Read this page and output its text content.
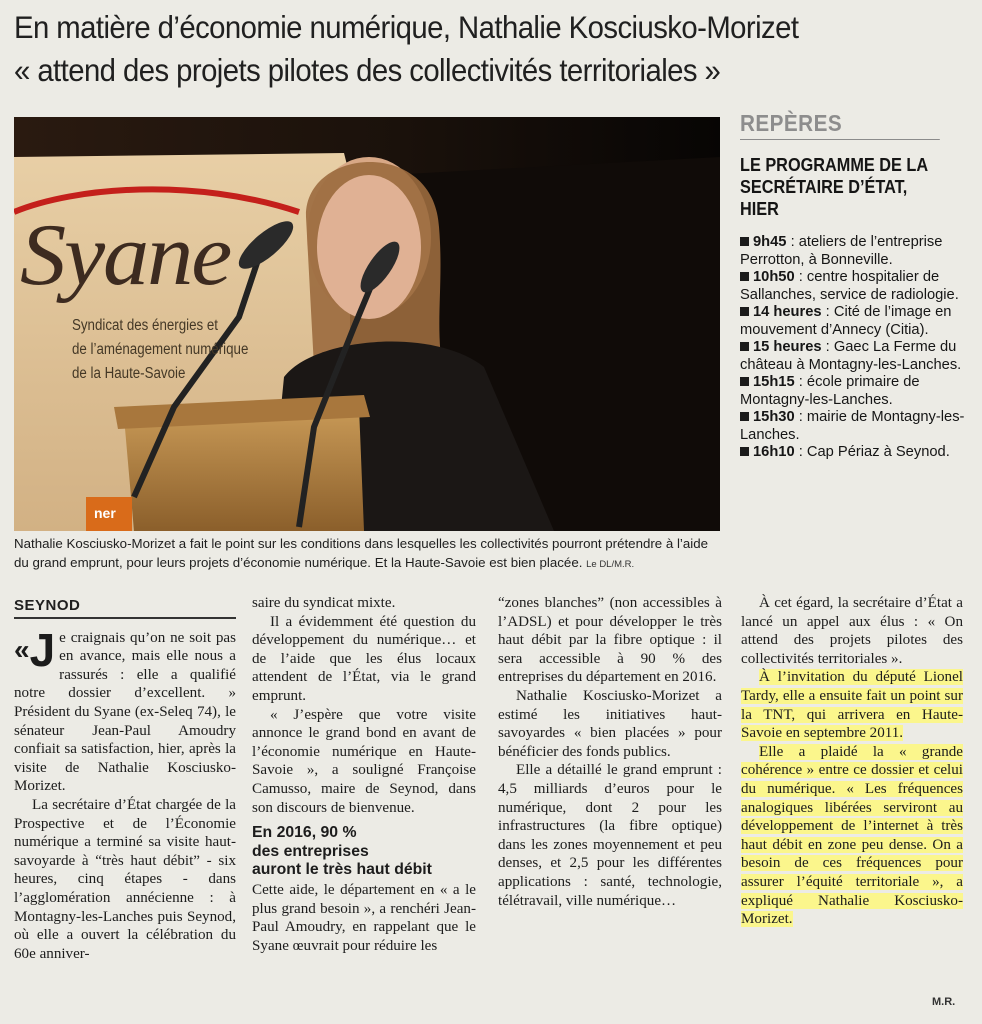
En matière d’économie numérique, Nathalie Kosciusko-Morizet
« attend des projets pilotes des collectivités territoriales »
Syane
Syndicat des énergies et
de l’aménagement numérique
de la Haute-Savoie
ner
Nathalie Kosciusko-Morizet a fait le point sur les conditions dans lesquelles les collectivités pourront prétendre à l’aide du grand emprunt, pour leurs projets d’économie numérique. Et la Haute-Savoie est bien placée. Le DL/M.R.
REPÈRES
LE PROGRAMME DE LA SECRÉTAIRE D’ÉTAT, HIER
9h45 : ateliers de l’entreprise Perrotton, à Bonneville.
10h50 : centre hospitalier de Sallanches, service de radiologie.
14 heures : Cité de l’image en mouvement d’Annecy (Citia).
15 heures : Gaec La Ferme du château à Montagny-les-Lanches.
15h15 : école primaire de Montagny-les-Lanches.
15h30 : mairie de Montagny-les-Lanches.
16h10 : Cap Périaz à Seynod.
SEYNOD

«J e craignais qu’on ne soit pas en avance, mais elle nous a rassurés : elle a qualifié notre dossier d’excellent. » Président du Syane (ex-Seleq 74), le sénateur Jean-Paul Amoudry confiait sa satisfaction, hier, après la visite de Nathalie Kosciusko-Morizet.

La secrétaire d’État chargée de la Prospective et de l’Économie numérique a terminé sa visite haut-savoyarde à “très haut débit” - six heures, cinq étapes - dans l’agglomération annécienne : à Montagny-les-Lanches puis Seynod, où elle a ouvert la célébration du 60e anniver-

saire du syndicat mixte.

Il a évidemment été question du développement du numérique… et de l’aide que les élus locaux attendent de l’État, via le grand emprunt.

« J’espère que votre visite annonce le grand bond en avant de l’économie numérique en Haute-Savoie », a souligné Françoise Camusso, maire de Seynod, dans son discours de bienvenue.

En 2016, 90 %
des entreprises
auront le très haut débit

Cette aide, le département en « a le plus grand besoin », a renchéri Jean-Paul Amoudry, en rappelant que le Syane œuvrait pour réduire les

“zones blanches” (non accessibles à l’ADSL) et pour développer le très haut débit par la fibre optique : il sera accessible à 90 % des entreprises du département en 2016.

Nathalie Kosciusko-Morizet a estimé les initiatives haut-savoyardes « bien placées » pour bénéficier des fonds publics.

Elle a détaillé le grand emprunt : 4,5 milliards d’euros pour le numérique, dont 2 pour les infrastructures (la fibre optique) dans les zones moyennement et peu denses, et 2,5 pour les différentes applications : santé, technologie, télétravail, ville numérique…

À cet égard, la secrétaire d’État a lancé un appel aux élus : « On attend des projets pilotes des collectivités territoriales ».

À l’invitation du député Lionel Tardy, elle a ensuite fait un point sur la TNT, qui arrivera en Haute-Savoie en septembre 2011.

Elle a plaidé la « grande cohérence » entre ce dossier et celui du numérique. « Les fréquences analogiques libérées serviront au développement de l’internet à très haut débit en zone peu dense. On a besoin de ces fréquences pour assurer l’équité territoriale », a expliqué Nathalie Kosciusko-Morizet.

M.R.
